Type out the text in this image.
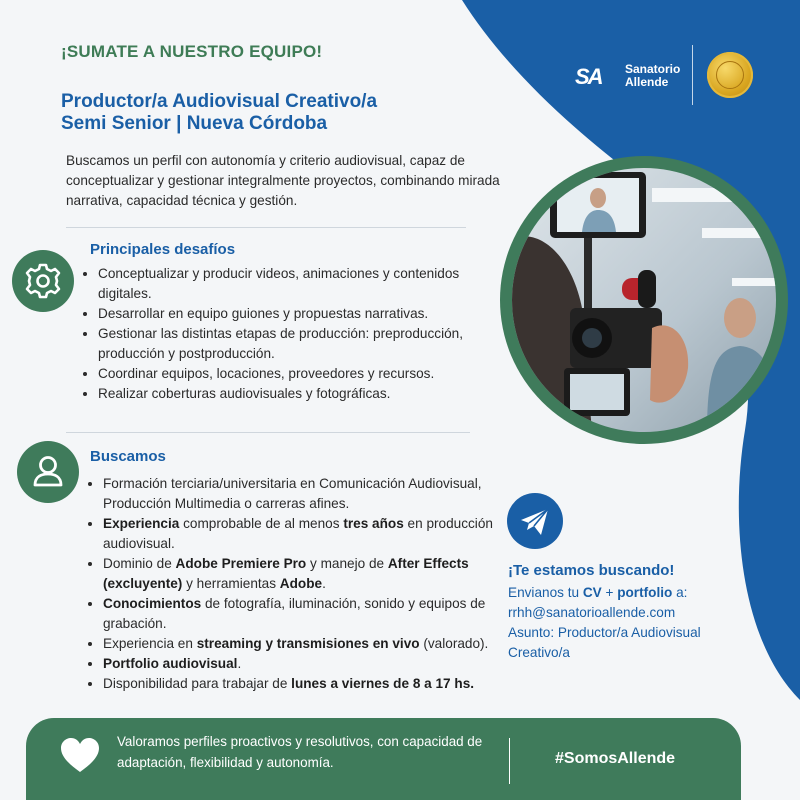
¡SUMATE A NUESTRO EQUIPO!
Productor/a Audiovisual Creativo/a
Semi Senior | Nueva Córdoba
Buscamos un perfil con autonomía y criterio audiovisual, capaz de conceptualizar y gestionar integralmente proyectos, combinando mirada narrativa, capacidad técnica y gestión.
SA Sanatorio
Allende
Principales desafíos
• Conceptualizar y producir videos, animaciones y contenidos digitales.
• Desarrollar en equipo guiones y propuestas narrativas.
• Gestionar las distintas etapas de producción: preproducción, producción y postproducción.
• Coordinar equipos, locaciones, proveedores y recursos.
• Realizar coberturas audiovisuales y fotográficas.
Buscamos
• Formación terciaria/universitaria en Comunicación Audiovisual, Producción Multimedia o carreras afines.
• Experiencia comprobable de al menos tres años en producción audiovisual.
• Dominio de Adobe Premiere Pro y manejo de After Effects (excluyente) y herramientas Adobe.
• Conocimientos de fotografía, iluminación, sonido y equipos de grabación.
• Experiencia en streaming y transmisiones en vivo (valorado).
• Portfolio audiovisual.
• Disponibilidad para trabajar de lunes a viernes de 8 a 17 hs.
¡Te estamos buscando!
Envianos tu CV + portfolio a:
rrhh@sanatorioallende.com
Asunto: Productor/a Audiovisual Creativo/a
Valoramos perfiles proactivos y resolutivos, con capacidad de adaptación, flexibilidad y autonomía.	#SomosAllende
